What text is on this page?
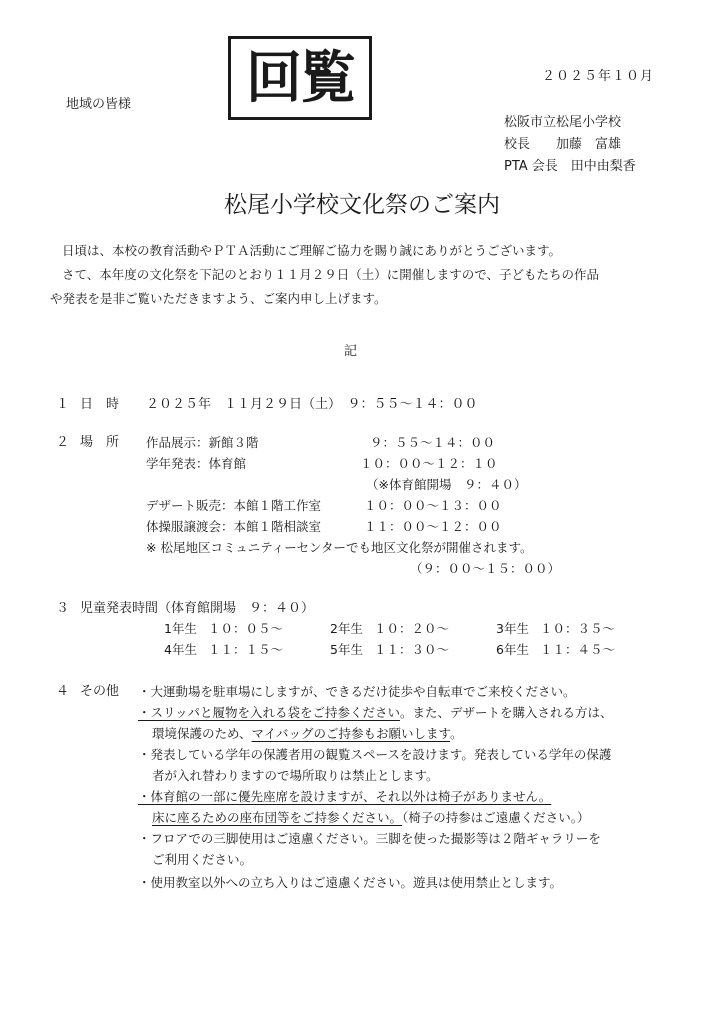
回覧	２０２５年１０月
地域の皆様
松阪市立松尾小学校
校長　　加藤　富雄
PTA 会長　田中由梨香
松尾小学校文化祭のご案内
日頃は、本校の教育活動やＰＴＡ活動にご理解ご協力を賜り誠にありがとうございます。
さて、本年度の文化祭を下記のとおり１１月２９日（土）に開催しますので、子どもたちの作品
や発表を是非ご覧いただきますよう、ご案内申し上げます。
記
１ 日　時 ２０２５年　１１月２９日（土）　９：５５～１４：００
２ 場　所 作品展示：新館３階	９：５５～１４：００
学年発表：体育館	１０：００～１２：１０
（※体育館開場　９：４０）
デザート販売：本館１階工作室	１０：００～１３：００
体操服譲渡会：本館１階相談室	１１：００～１２：００
※ 松尾地区コミュニティーセンターでも地区文化祭が開催されます。
（９：００～１５：００）
３ 児童発表時間（体育館開場　９：４０）
1年生 １０：０５～	2年生 １０：２０～	3年生 １０：３５～
4年生 １１：１５～	5年生 １１：３０～	6年生 １１：４５～
４ その他 ・大運動場を駐車場にしますが、できるだけ徒歩や自転車でご来校ください。
・スリッパと履物を入れる袋をご持参ください。また、デザートを購入される方は、
環境保護のため、マイバッグのご持参もお願いします。
・発表している学年の保護者用の観覧スペースを設けます。発表している学年の保護
者が入れ替わりますので場所取りは禁止とします。
・体育館の一部に優先座席を設けますが、それ以外は椅子がありません。
床に座るための座布団等をご持参ください。（椅子の持参はご遠慮ください。）
・フロアでの三脚使用はご遠慮ください。三脚を使った撮影等は２階ギャラリーを
ご利用ください。
・使用教室以外への立ち入りはご遠慮ください。遊具は使用禁止とします。
